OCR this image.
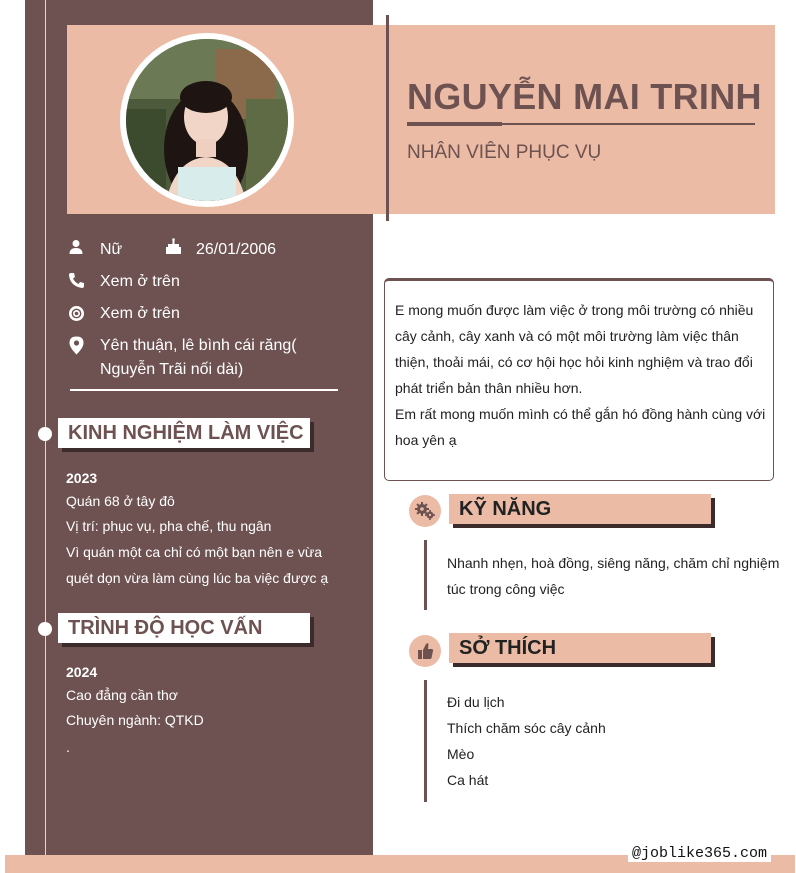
NGUYỄN MAI TRINH
NHÂN VIÊN PHỤC VỤ
Nữ	26/01/2006
Xem ở trên
Xem ở trên
Yên thuận, lê bình cái răng(
Nguyễn Trãi nối dài)
KINH NGHIỆM LÀM VIỆC
2023
Quán 68 ở tây đô
Vị trí: phục vụ, pha chế, thu ngân
Vì quán một ca chỉ có một bạn nên e vừa
quét dọn vừa làm cùng lúc ba việc được ạ
TRÌNH ĐỘ HỌC VẤN
2024
Cao đẳng cần thơ
Chuyên ngành: QTKD
.
E mong muốn được làm việc ở trong môi trường có nhiều
cây cảnh, cây xanh và có một môi trường làm việc thân
thiện, thoải mái, có cơ hội học hỏi kinh nghiệm và trao đổi
phát triển bản thân nhiều hơn.
Em rất mong muốn mình có thể gắn hó đồng hành cùng với
hoa yên ạ
KỸ NĂNG
Nhanh nhẹn, hoà đồng, siêng năng, chăm chỉ nghiệm
túc trong công việc
SỞ THÍCH
Đi du lịch
Thích chăm sóc cây cảnh
Mèo
Ca hát
@joblike365.com
